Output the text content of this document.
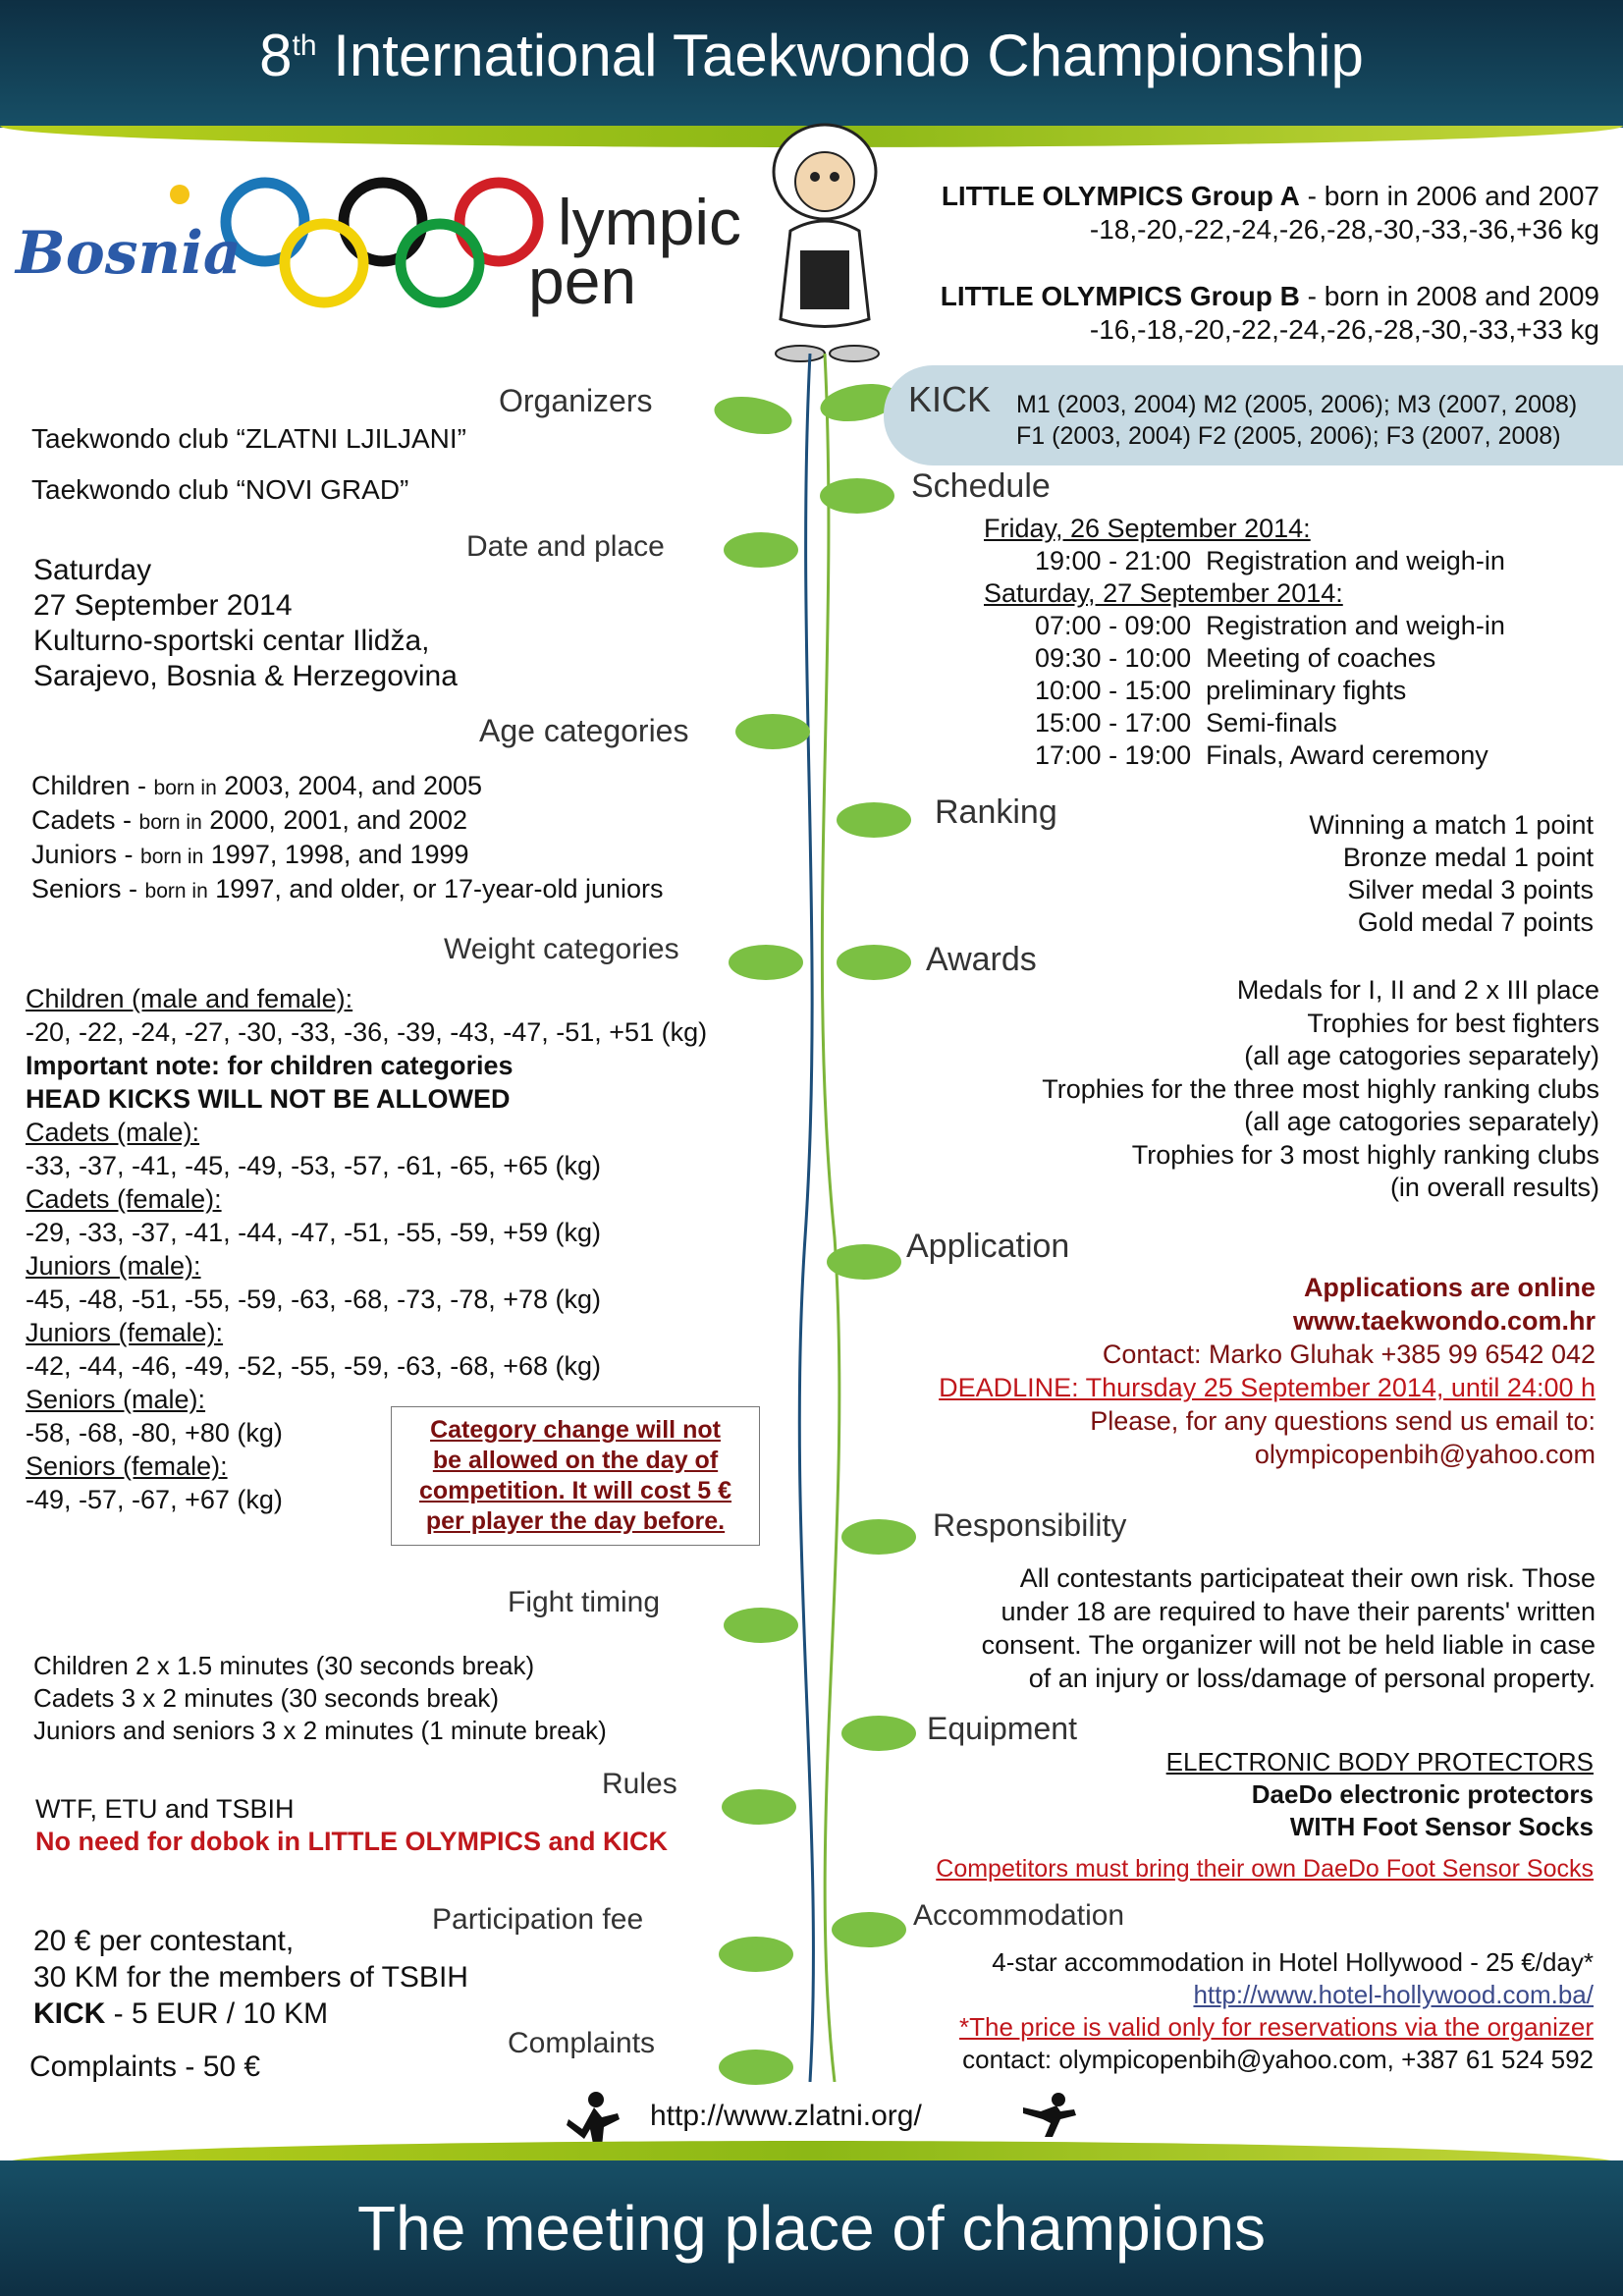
8th International Taekwondo Championship
Bosnia	lympic
pen
LITTLE OLYMPICS Group A - born in 2006 and 2007
-18,-20,-22,-24,-26,-28,-30,-33,-36,+36 kg
LITTLE OLYMPICS Group B - born in 2008 and 2009
-16,-18,-20,-22,-24,-26,-28,-30,-33,+33 kg
KICK M1 (2003, 2004) M2 (2005, 2006); M3 (2007, 2008)
F1 (2003, 2004) F2 (2005, 2006); F3 (2007, 2008)
Organizers
Taekwondo club “ZLATNI LJILJANI”
Taekwondo club “NOVI GRAD”
Date and place
Saturday
27 September 2014
Kulturno-sportski centar Ilidža,
Sarajevo, Bosnia & Herzegovina
Age categories
Children - born in 2003, 2004, and 2005
Cadets - born in 2000, 2001, and 2002
Juniors - born in 1997, 1998, and 1999
Seniors - born in 1997, and older, or 17-year-old juniors
Weight categories
Children (male and female):
-20, -22, -24, -27, -30, -33, -36, -39, -43, -47, -51, +51 (kg)
Important note: for children categories
HEAD KICKS WILL NOT BE ALLOWED
Cadets (male):
-33, -37, -41, -45, -49, -53, -57, -61, -65, +65 (kg)
Cadets (female):
-29, -33, -37, -41, -44, -47, -51, -55, -59, +59 (kg)
Juniors (male):
-45, -48, -51, -55, -59, -63, -68, -73, -78, +78 (kg)
Juniors (female):
-42, -44, -46, -49, -52, -55, -59, -63, -68, +68 (kg)
Seniors (male):
-58, -68, -80, +80 (kg)
Seniors (female):
-49, -57, -67, +67 (kg)
Category change will not
be allowed on the day of
competition. It will cost 5 €
per player the day before.
Fight timing
Children 2 x 1.5 minutes (30 seconds break)
Cadets 3 x 2 minutes (30 seconds break)
Juniors and seniors 3 x 2 minutes (1 minute break)
Rules
WTF, ETU and TSBIH
No need for dobok in LITTLE OLYMPICS and KICK
Participation fee
20 € per contestant,
30 KM for the members of TSBIH
KICK - 5 EUR / 10 KM
Complaints
Complaints - 50 €
Schedule
Friday, 26 September 2014:
19:00 - 21:00 Registration and weigh-in
Saturday, 27 September 2014:
07:00 - 09:00 Registration and weigh-in
09:30 - 10:00 Meeting of coaches
10:00 - 15:00 preliminary fights
15:00 - 17:00 Semi-finals
17:00 - 19:00 Finals, Award ceremony
Ranking	Winning a match 1 point
Bronze medal 1 point
Silver medal 3 points
Gold medal 7 points
Awards
Medals for I, II and 2 x III place
Trophies for best fighters
(all age catogories separately)
Trophies for the three most highly ranking clubs
(all age catogories separately)
Trophies for 3 most highly ranking clubs
(in overall results)
Application
Applications are online
www.taekwondo.com.hr
Contact: Marko Gluhak +385 99 6542 042
DEADLINE: Thursday 25 September 2014, until 24:00 h
Please, for any questions send us email to:
olympicopenbih@yahoo.com
Responsibility
All contestants participateat their own risk. Those
under 18 are required to have their parents' written
consent. The organizer will not be held liable in case
of an injury or loss/damage of personal property.
Equipment
ELECTRONIC BODY PROTECTORS
DaeDo electronic protectors
WITH Foot Sensor Socks
Competitors must bring their own DaeDo Foot Sensor Socks
Accommodation
4-star accommodation in Hotel Hollywood - 25 €/day*
http://www.hotel-hollywood.com.ba/
*The price is valid only for reservations via the organizer
contact: olympicopenbih@yahoo.com, +387 61 524 592
http://www.zlatni.org/
The meeting place of champions
